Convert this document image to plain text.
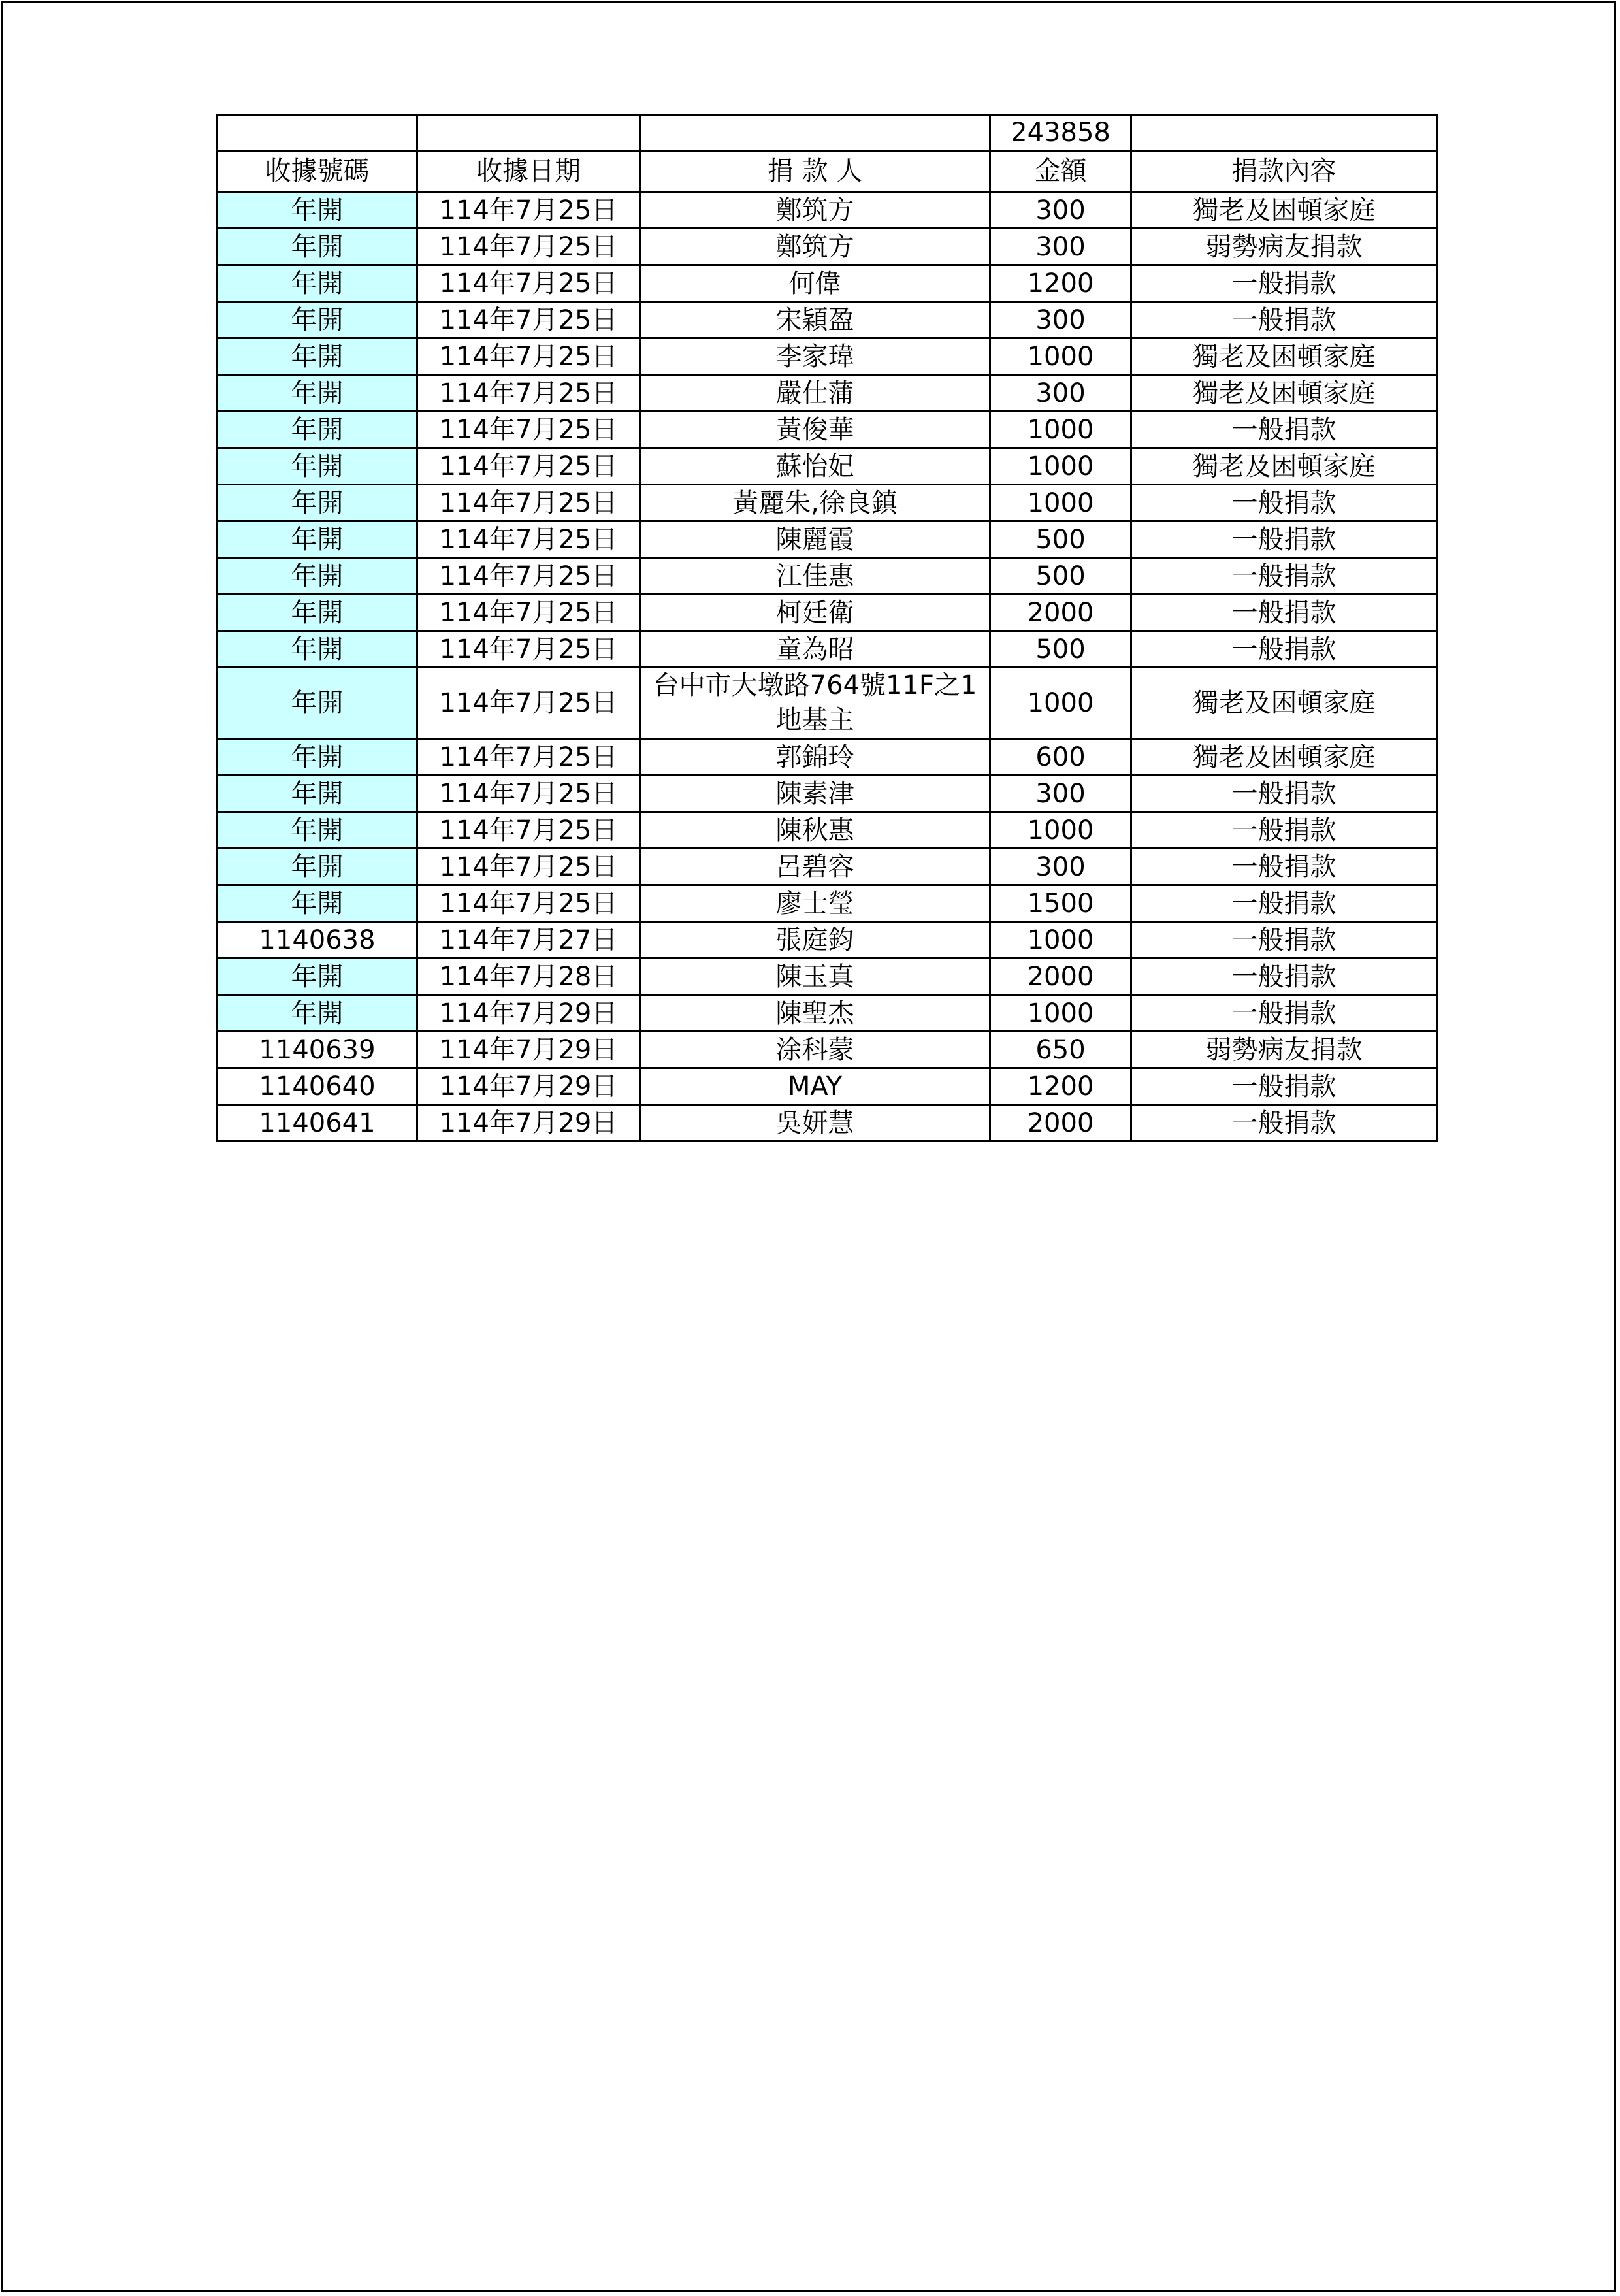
			243858	
收據號碼	收據日期	捐 款 人	金額	捐款內容
年開	114年7月25日	鄭筑方	300	獨老及困頓家庭
年開	114年7月25日	鄭筑方	300	弱勢病友捐款
年開	114年7月25日	何偉	1200	一般捐款
年開	114年7月25日	宋穎盈	300	一般捐款
年開	114年7月25日	李家瑋	1000	獨老及困頓家庭
年開	114年7月25日	嚴仕蒲	300	獨老及困頓家庭
年開	114年7月25日	黃俊華	1000	一般捐款
年開	114年7月25日	蘇怡妃	1000	獨老及困頓家庭
年開	114年7月25日	黃麗朱,徐良鎮	1000	一般捐款
年開	114年7月25日	陳麗霞	500	一般捐款
年開	114年7月25日	江佳惠	500	一般捐款
年開	114年7月25日	柯廷衛	2000	一般捐款
年開	114年7月25日	童為昭	500	一般捐款
年開	114年7月25日	台中市大墩路764號11F之1 地基主	1000	獨老及困頓家庭
年開	114年7月25日	郭錦玲	600	獨老及困頓家庭
年開	114年7月25日	陳素津	300	一般捐款
年開	114年7月25日	陳秋惠	1000	一般捐款
年開	114年7月25日	呂碧容	300	一般捐款
年開	114年7月25日	廖士瑩	1500	一般捐款
1140638	114年7月27日	張庭鈞	1000	一般捐款
年開	114年7月28日	陳玉真	2000	一般捐款
年開	114年7月29日	陳聖杰	1000	一般捐款
1140639	114年7月29日	涂科蒙	650	弱勢病友捐款
1140640	114年7月29日	MAY	1200	一般捐款
1140641	114年7月29日	吳妍慧	2000	一般捐款
